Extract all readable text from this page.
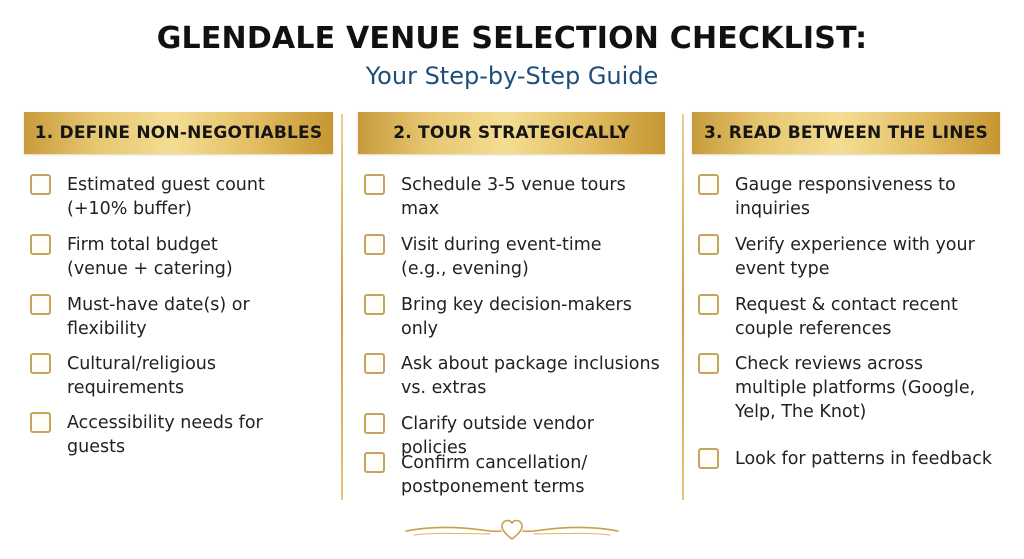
GLENDALE VENUE SELECTION CHECKLIST:
Your Step-by-Step Guide
1. DEFINE NON-NEGOTIABLES
Estimated guest count
(+10% buffer)
Firm total budget
(venue + catering)
Must-have date(s) or
flexibility
Cultural/religious
requirements
Accessibility needs for
guests
2. TOUR STRATEGICALLY
Schedule 3-5 venue tours
max
Visit during event-time
(e.g., evening)
Bring key decision-makers
only
Ask about package inclusions
vs. extras
Clarify outside vendor policies
Confirm cancellation/
postponement terms
3. READ BETWEEN THE LINES
Gauge responsiveness to
inquiries
Verify experience with your
event type
Request & contact recent
couple references
Check reviews across
multiple platforms (Google,
Yelp, The Knot)
Look for patterns in feedback
